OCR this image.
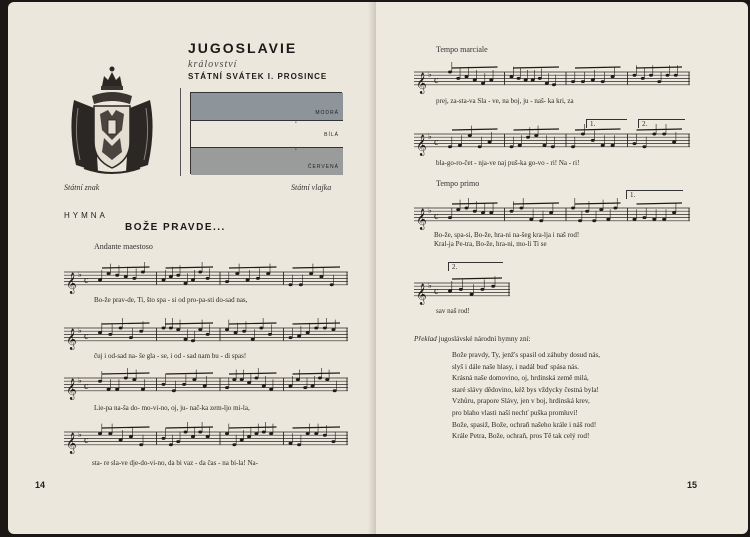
Státní znak
JUGOSLAVIE
království
STÁTNÍ SVÁTEK I. PROSINCE
MODRÁ
•
BÍLÁ
•
ČERVENÁ
Státní vlajka
HYMNA
BOŽE PRAVDE...
Andante maestoso
𝄞 ♭
c
Bo-že prav-de, Ti, što spa - si od pro-pa-sti do-sad nas,
𝄞 ♭
c
čuj i od-sad na- še gla - se, i od - sad nam bu - di spas!
𝄞 ♭
c
Lie-pa na-ša do- mo-vi-no, oj, ju- nač-ka zem-ljo mi-la,
𝄞 ♭
c
sta- re sla-ve dje-do-vi-no, da bi vaz - da čas - na bi-la! Na-
14
Tempo marciale
𝄞 ♭
c
prej, za-sta-va Sla - ve, na boj, ju - naš- ka kri, za
𝄞 ♭
c
1.	2.
bla-go-ro-čet - nja-ve naj puš-ka go-vo - ri! Na - ri!
Tempo primo
𝄞 ♭
c
1.
Bo-že, spa-si, Bo-že, hra-ni na-šeg kra-lja i naš rod!
Kral-ja Pe-tra, Bo-že, hra-ni, mo-li Ti se
𝄞 ♭
c
2.
sav naš rod!
Překlad jugoslávské národní hymny zní:
Bože pravdy, Ty, jenž's spasil od záhuby dosud nás,
slyš i dále naše hlasy, i nadál buď spása nás.
Krásná naše domovino, oj, hrdinská země milá,
staré slávy dědovino, kéž bys vždycky čestná byla!
Vzhůru, prapore Slávy, jen v boj, hrdinská krev,
pro blaho vlasti naší nechť puška promluví!
Bože, spasiž, Bože, ochraň našeho krále i náš rod!
Krále Petra, Bože, ochraň, pros Tě tak celý rod!
15
